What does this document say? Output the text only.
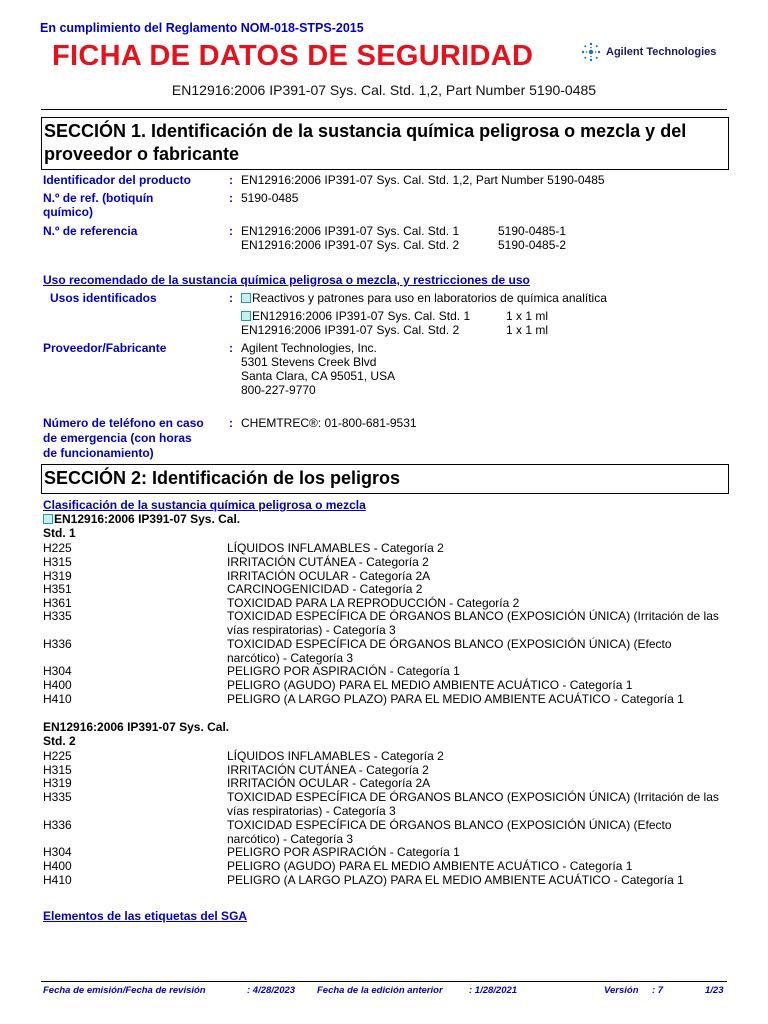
En cumplimiento del Reglamento NOM-018-STPS-2015
FICHA DE DATOS DE SEGURIDAD	Agilent Technologies
EN12916:2006 IP391-07 Sys. Cal. Std. 1,2, Part Number 5190-0485
SECCIÓN 1. Identificación de la sustancia química peligrosa o mezcla y del proveedor o fabricante
Identificador del producto	: EN12916:2006 IP391-07 Sys. Cal. Std. 1,2, Part Number 5190-0485
N.º de ref. (botiquín químico)
: 5190-0485
N.º de referencia	: EN12916:2006 IP391-07 Sys. Cal. Std. 1	5190-0485-1
EN12916:2006 IP391-07 Sys. Cal. Std. 2	5190-0485-2
Uso recomendado de la sustancia química peligrosa o mezcla, y restricciones de uso
Usos identificados	:	Reactivos y patrones para uso en laboratorios de química analítica
EN12916:2006 IP391-07 Sys. Cal. Std. 1	1 x 1 ml
EN12916:2006 IP391-07 Sys. Cal. Std. 2	1 x 1 ml
Proveedor/Fabricante	: Agilent Technologies, Inc.
5301 Stevens Creek Blvd
Santa Clara, CA 95051, USA
800-227-9770
Número de teléfono en caso de emergencia (con horas de funcionamiento)
: CHEMTREC®: 01-800-681-9531
SECCIÓN 2: Identificación de los peligros
Clasificación de la sustancia química peligrosa o mezcla
EN12916:2006 IP391-07 Sys. Cal. Std. 1
H225	LÍQUIDOS INFLAMABLES - Categoría 2
H315	IRRITACIÓN CUTÁNEA - Categoría 2
H319	IRRITACIÓN OCULAR - Categoría 2A
H351	CARCINOGENICIDAD - Categoría 2
H361	TOXICIDAD PARA LA REPRODUCCIÓN - Categoría 2
H335	TOXICIDAD ESPECÍFICA DE ÓRGANOS BLANCO (EXPOSICIÓN ÚNICA) (Irritación de las vías respiratorias) - Categoría 3
H336	TOXICIDAD ESPECÍFICA DE ÓRGANOS BLANCO (EXPOSICIÓN ÚNICA) (Efecto narcótico) - Categoría 3
H304	PELIGRO POR ASPIRACIÓN - Categoría 1
H400	PELIGRO (AGUDO) PARA EL MEDIO AMBIENTE ACUÁTICO - Categoría 1
H410	PELIGRO (A LARGO PLAZO) PARA EL MEDIO AMBIENTE ACUÁTICO - Categoría 1
EN12916:2006 IP391-07 Sys. Cal. Std. 2
H225	LÍQUIDOS INFLAMABLES - Categoría 2
H315	IRRITACIÓN CUTÁNEA - Categoría 2
H319	IRRITACIÓN OCULAR - Categoría 2A
H335	TOXICIDAD ESPECÍFICA DE ÓRGANOS BLANCO (EXPOSICIÓN ÚNICA) (Irritación de las vías respiratorias) - Categoría 3
H336	TOXICIDAD ESPECÍFICA DE ÓRGANOS BLANCO (EXPOSICIÓN ÚNICA) (Efecto narcótico) - Categoría 3
H304	PELIGRO POR ASPIRACIÓN - Categoría 1
H400	PELIGRO (AGUDO) PARA EL MEDIO AMBIENTE ACUÁTICO - Categoría 1
H410	PELIGRO (A LARGO PLAZO) PARA EL MEDIO AMBIENTE ACUÁTICO - Categoría 1
Elementos de las etiquetas del SGA
Fecha de emisión/Fecha de revisión	: 4/28/2023 Fecha de la edición anterior	: 1/28/2021	Versión : 7	1/23
